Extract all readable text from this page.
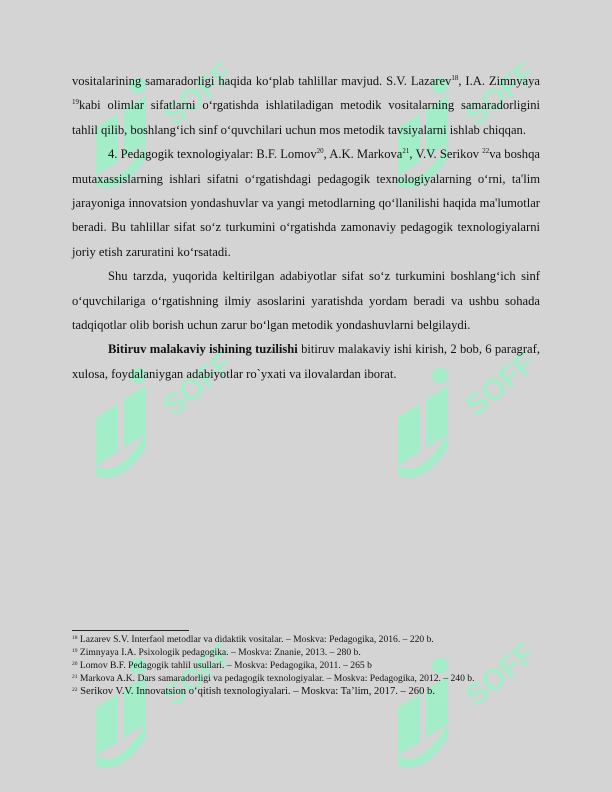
SOFF	SOFF
SOFF	SOFF
SOFF	SOFF

vositalarining samaradorligi haqida ko‘plab tahlillar mavjud. S.V. Lazarev$^{18}$, I.A. Zimnyaya $^{19}$kabi olimlar sifatlarni o‘rgatishda ishlatiladigan metodik vositalarning samaradorligini tahlil qilib, boshlang‘ich sinf o‘quvchilari uchun mos metodik tavsiyalarni ishlab chiqqan.

4. Pedagogik texnologiyalar: B.F. Lomov$^{20}$, A.K. Markova$^{21}$, V.V. Serikov $^{22}$va boshqa mutaxassislarning ishlari sifatni o‘rgatishdagi pedagogik texnologiyalarning o‘rni, ta'lim jarayoniga innovatsion yondashuvlar va yangi metodlarning qo‘llanilishi haqida ma'lumotlar beradi. Bu tahlillar sifat so‘z turkumini o‘rgatishda zamonaviy pedagogik texnologiyalarni joriy etish zaruratini ko‘rsatadi.

Shu tarzda, yuqorida keltirilgan adabiyotlar sifat so‘z turkumini boshlang‘ich sinf o‘quvchilariga o‘rgatishning ilmiy asoslarini yaratishda yordam beradi va ushbu sohada tadqiqotlar olib borish uchun zarur bo‘lgan metodik yondashuvlarni belgilaydi.

Bitiruv malakaviy ishining tuzilishi bitiruv malakaviy ishi kirish, 2 bob, 6 paragraf, xulosa, foydalaniygan adabiyotlar ro`yxati va ilovalardan iborat.

$^{18}$ Lazarev S.V. Interfaol metodlar va didaktik vositalar. – Moskva: Pedagogika, 2016. – 220 b.
$^{19}$ Zimnyaya I.A. Psixologik pedagogika. – Moskva: Znanie, 2013. – 280 b.
$^{20}$ Lomov B.F. Pedagogik tahlil usullari. – Moskva: Pedagogika, 2011. – 265 b
$^{21}$ Markova A.K. Dars samaradorligi va pedagogik texnologiyalar. – Moskva: Pedagogika, 2012. – 240 b.
$^{22}$ Serikov V.V. Innovatsion o‘qitish texnologiyalari. – Moskva: Ta’lim, 2017. – 260 b.
